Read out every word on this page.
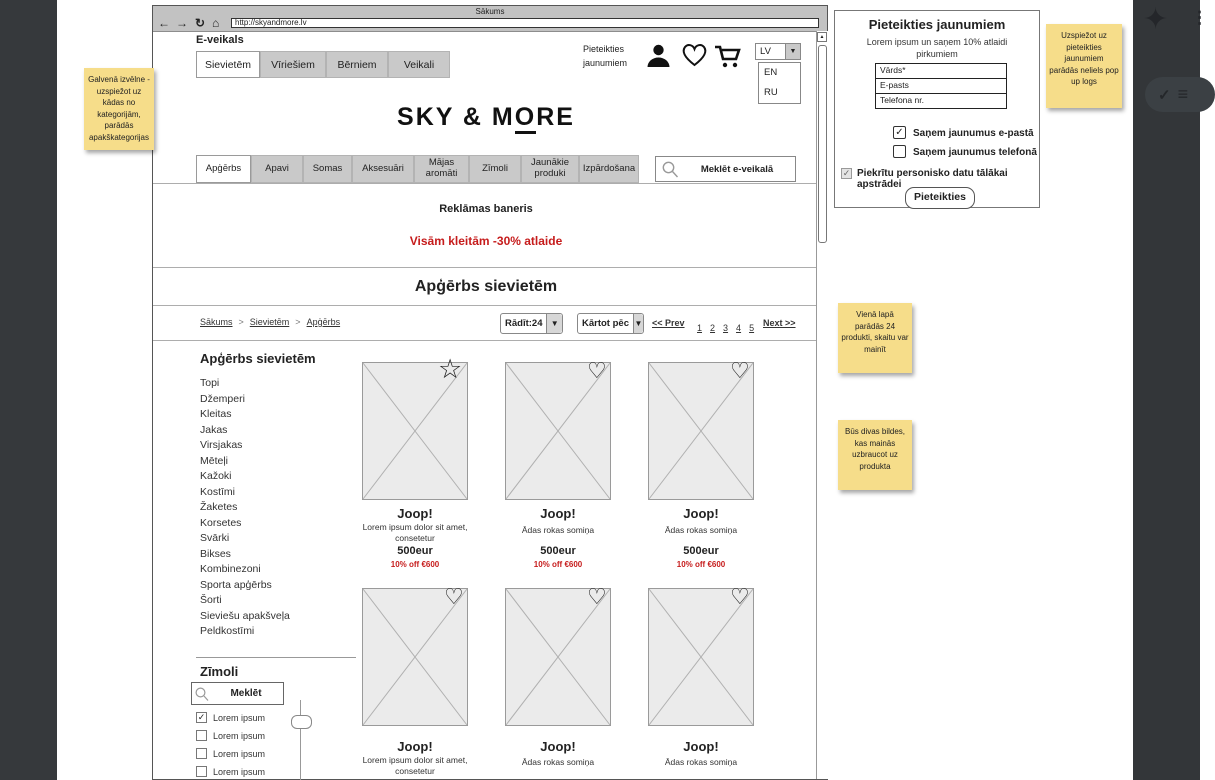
✦ ⋮
✓ ≡
Sākums
← → ↻ ⌂	http://skyandmore.lv
▲
E-veikals
Sievietēm	Vīriešiem	Bērniem	Veikali
Pieteikties
jaunumiem
LV	▼
EN
RU
SKY & MORE
Apģērbs	Apavi	Somas	Aksesuāri	Mājas aromāti	Zīmoli	Jaunākie produki	Izpārdošana	Meklēt e-veikalā
Reklāmas baneris
Visām kleitām -30% atlaide
Apģērbs sievietēm
Sākums > Sievietēm > Apģērbs	Rādīt:24	▼	Kārtot pēc ▼ << Prev 1 2 3 4 5 Next >>
Apģērbs sievietēm
Topi
Džemperi
Kleitas
Jakas
Virsjakas
Mēteļi
Kažoki
Kostīmi
Žaketes
Korsetes
Svārki
Bikses
Kombinezoni
Sporta apģērbs
Šorti
Sieviešu apakšveļa
Peldkostīmi
Zīmoli
Meklēt
✓ Lorem ipsum
Lorem ipsum
Lorem ipsum
Lorem ipsum
☆
Joop!
Lorem ipsum dolor sit amet, consetetur
500eur
10% off €600
♡
Joop!
Ādas rokas somiņa
500eur
10% off €600
♡
Joop!
Ādas rokas somiņa
500eur
10% off €600
♡
Joop!
Lorem ipsum dolor sit amet, consetetur
♡
Joop!
Ādas rokas somiņa
♡
Joop!
Ādas rokas somiņa
Pieteikties jaunumiem
Lorem ipsum un saņem 10% atlaidi pirkumiem
Vārds*
E-pasts
Telefona nr.
✓ Saņem jaunumus e-pastā
Saņem jaunumus telefonā
✓ Piekrītu personisko datu tālākai apstrādei
Pieteikties
Galvenā izvēlne - uzspiežot uz kādas no kategorijām, parādās apakškategorijas
Uzspiežot uz pieteikties jaunumiem parādās neliels pop up logs
Vienā lapā parādās 24 produkti, skaitu var mainīt
Būs divas bildes, kas mainās uzbraucot uz produkta
